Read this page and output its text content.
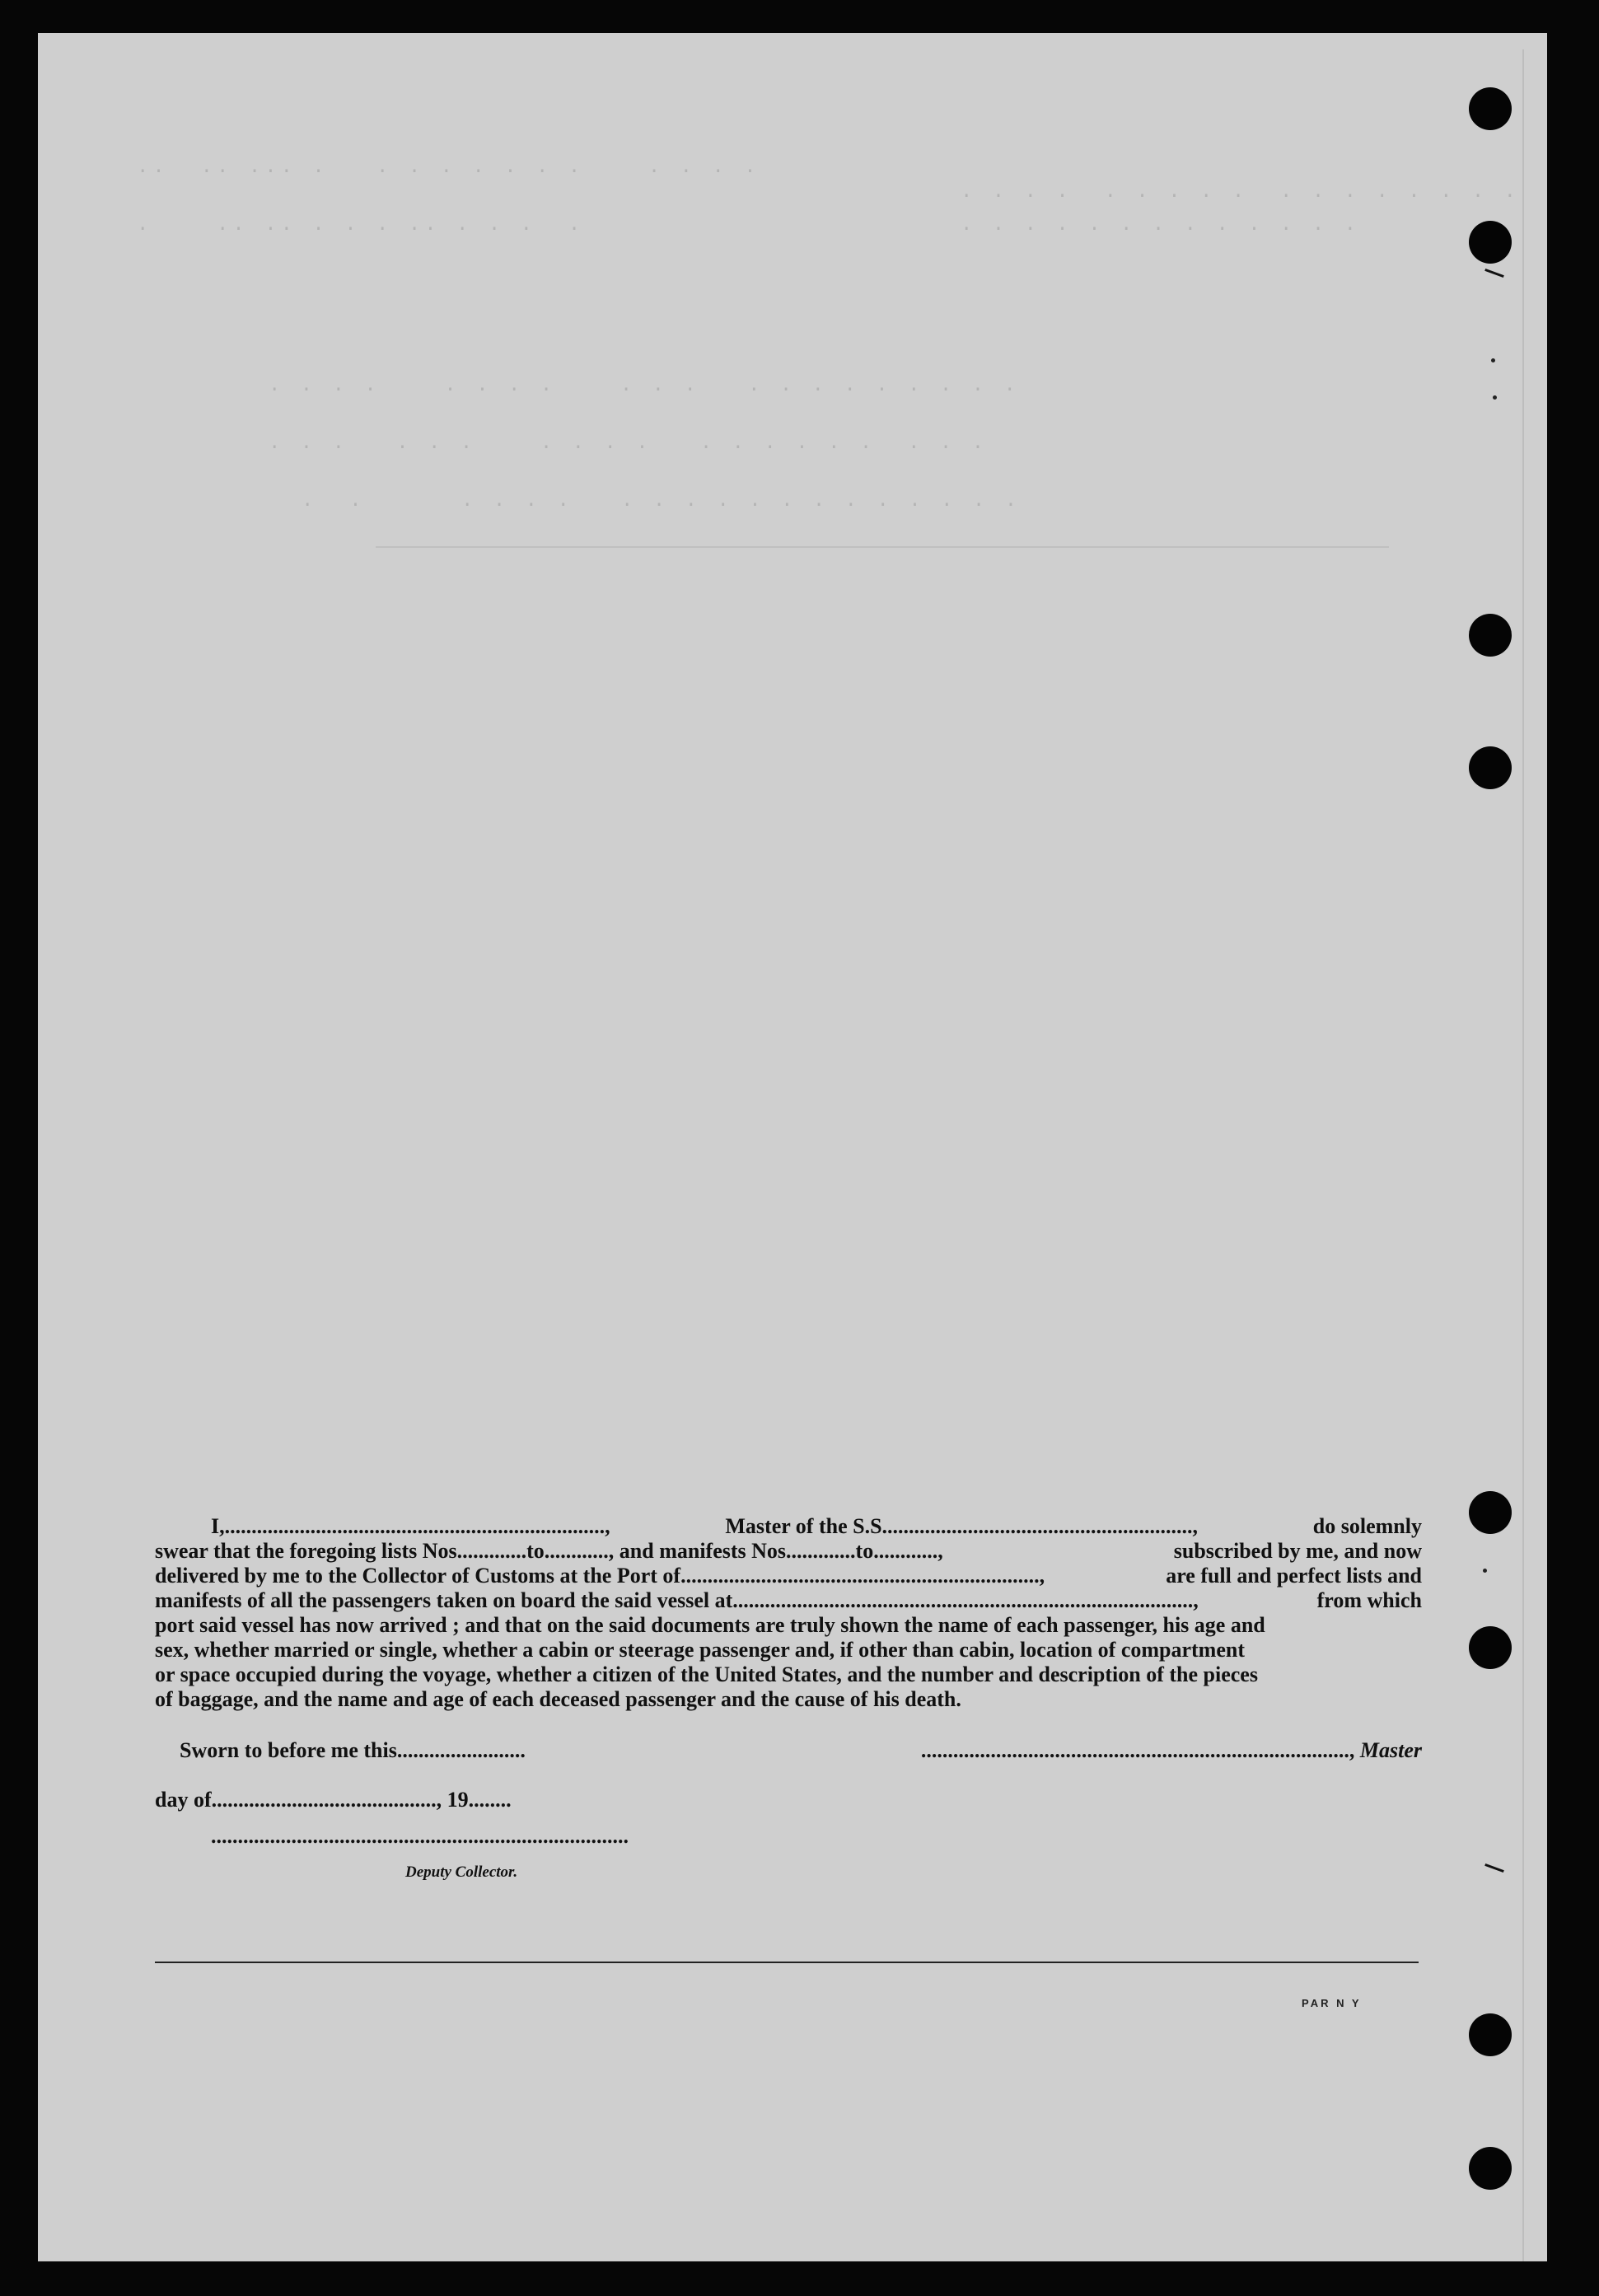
··  ·· ··· ·   · · · · · · ·    · · · ·
·    ·· ·· · · · ·· · · ·  ·
· · · ·  · · · · ·  · · · · · · · ·
· · · · · · · · · · · · ·
· · · ·    · · · ·    · · ·   · · · · · · · · ·
· · ·   · · ·    · · · ·   · · · · · ·  · · ·
·  ·      · · · ·   · · · · · · · · · · · · ·
I,.......................................................................,	Master of the S.S..........................................................,	do solemnly
swear that the foregoing lists Nos.............to............, and manifests Nos.............to............,	subscribed by me, and now
delivered by me to the Collector of Customs at the Port of...................................................................,	are full and perfect lists and
manifests of all the passengers taken on board the said vessel at......................................................................................,	from which
port said vessel has now arrived ; and that on the said documents are truly shown the name of each passenger, his age and
sex, whether married or single, whether a cabin or steerage passenger and, if other than cabin, location of compartment
or space occupied during the voyage, whether a citizen of the United States, and the number and description of the pieces
of baggage, and the name and age of each deceased passenger and the cause of his death.
Sworn to before me this........................	................................................................................, Master
day of.........................................., 19........
..............................................................................
Deputy Collector.
PAR N Y
